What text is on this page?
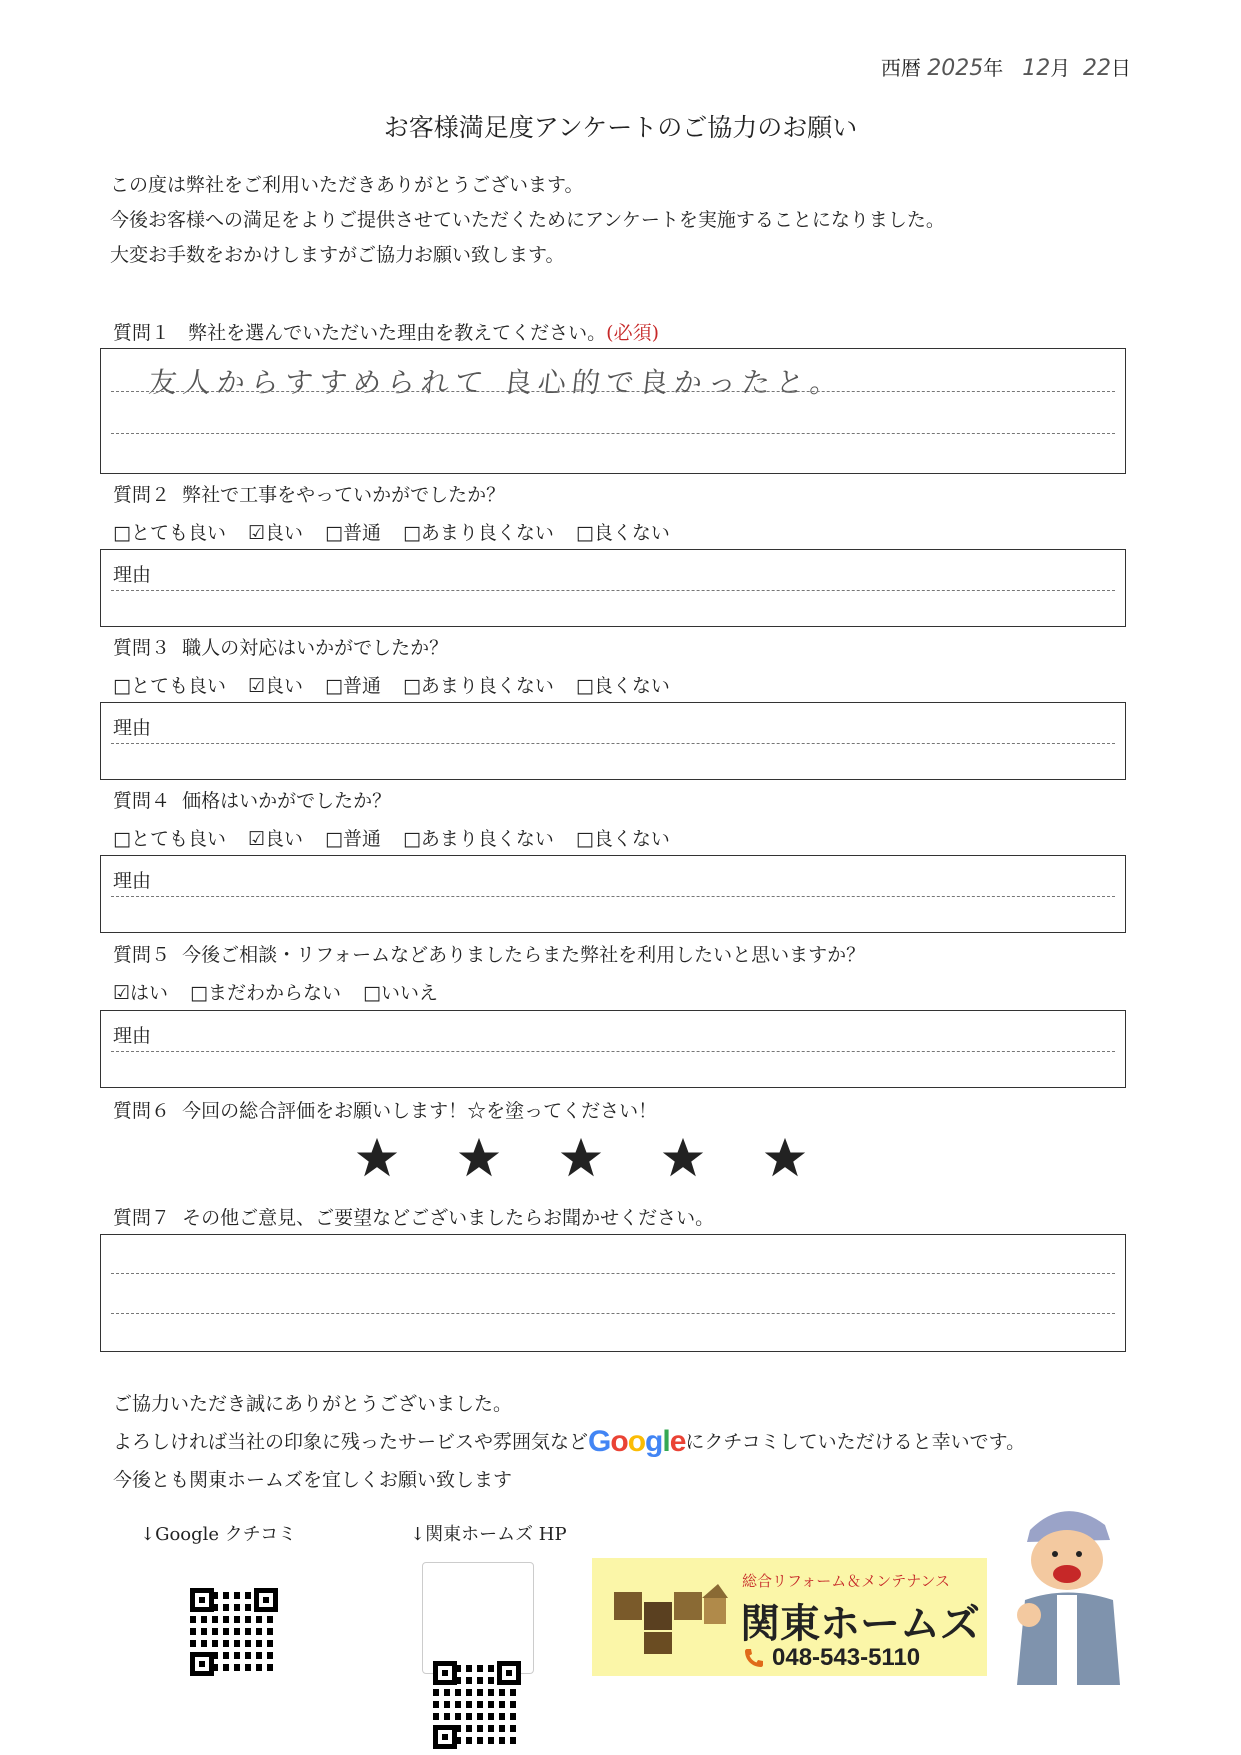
西暦 2025年 12月 22日
お客様満足度アンケートのご協力のお願い
この度は弊社をご利用いただきありがとうございます。
今後お客様への満足をよりご提供させていただくためにアンケートを実施することになりました。
大変お手数をおかけしますがご協力お願い致します。
質問１ 弊社を選んでいただいた理由を教えてください。(必須)
友人からすすめられて 良心的で良かったと。
質問２ 弊社で工事をやっていかがでしたか？
□とても良い ☑良い □普通 □あまり良くない □良くない
理由
質問３ 職人の対応はいかがでしたか？
□とても良い ☑良い □普通 □あまり良くない □良くない
理由
質問４ 価格はいかがでしたか？
□とても良い ☑良い □普通 □あまり良くない □良くない
理由
質問５ 今後ご相談・リフォームなどありましたらまた弊社を利用したいと思いますか？
☑はい □まだわからない □いいえ
理由
質問６ 今回の総合評価をお願いします！☆を塗ってください！
質問７ その他ご意見、ご要望などございましたらお聞かせください。
ご協力いただき誠にありがとうございました。
よろしければ当社の印象に残ったサービスや雰囲気などGoogleにクチコミしていただけると幸いです。
今後とも関東ホームズを宜しくお願い致します
↓Google クチコミ	↓関東ホームズ HP
総合リフォーム＆メンテナンス
関東ホームズ
048-543-5110
